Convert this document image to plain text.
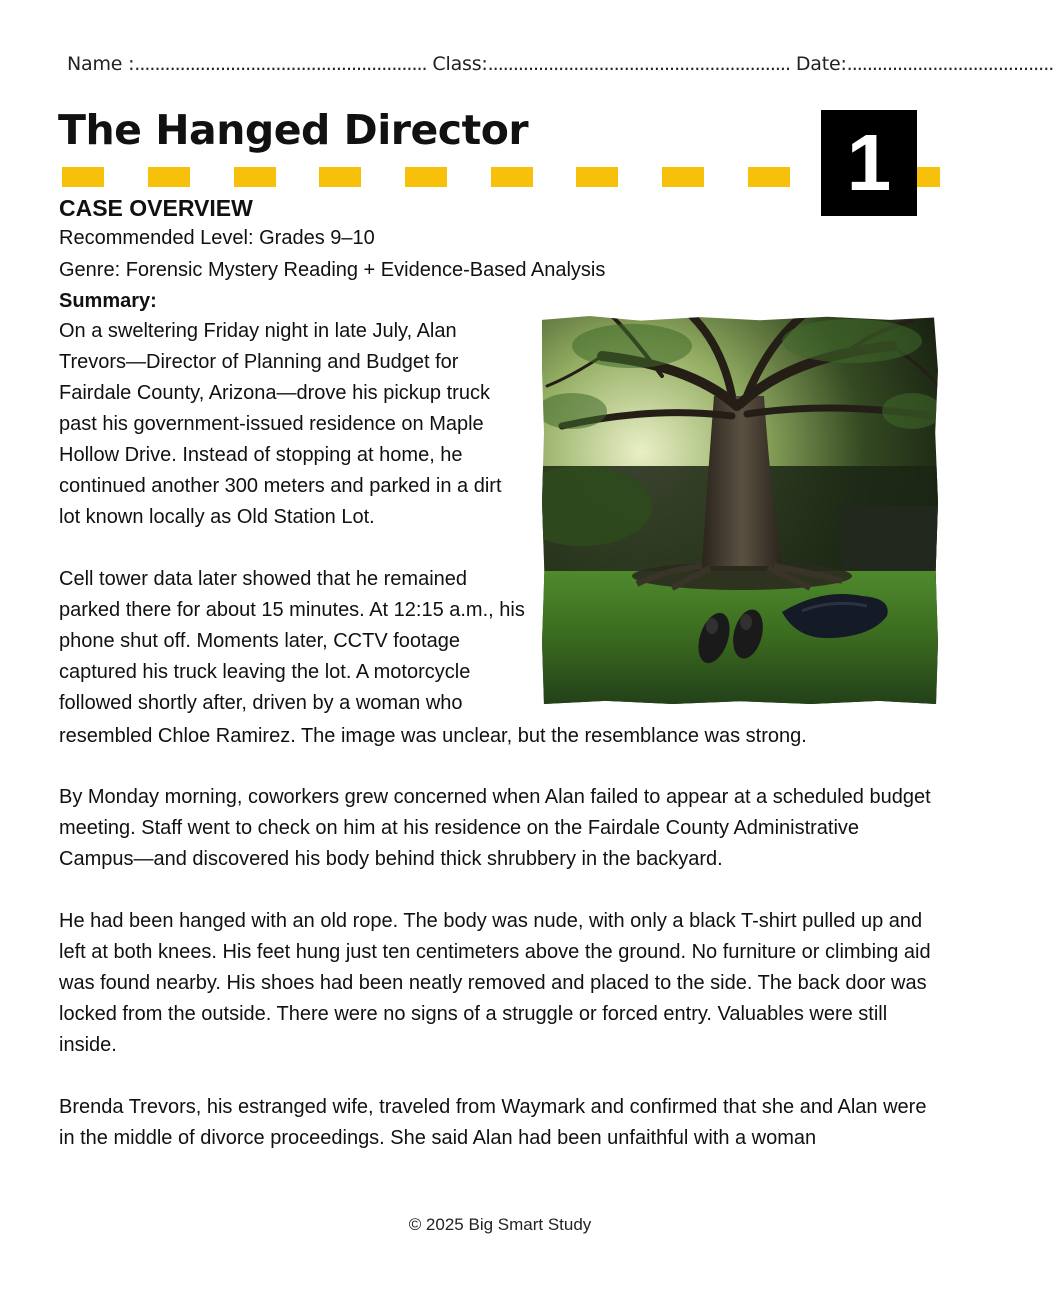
Name :.......................................................... Class:............................................................ Date:.........................................
The Hanged Director	1
CASE OVERVIEW
Recommended Level: Grades 9–10
Genre: Forensic Mystery Reading + Evidence-Based Analysis
Summary:

On a sweltering Friday night in late July, Alan Trevors—Director of Planning and Budget for Fairdale County, Arizona—drove his pickup truck past his government-issued residence on Maple Hollow Drive. Instead of stopping at home, he continued another 300 meters and parked in a dirt lot known locally as Old Station Lot.

Cell tower data later showed that he remained parked there for about 15 minutes. At 12:15 a.m., his phone shut off. Moments later, CCTV footage captured his truck leaving the lot. A motorcycle followed shortly after, driven by a woman who

resembled Chloe Ramirez. The image was unclear, but the resemblance was strong.

By Monday morning, coworkers grew concerned when Alan failed to appear at a scheduled budget meeting. Staff went to check on him at his residence on the Fairdale County Administrative Campus—and discovered his body behind thick shrubbery in the backyard.

He had been hanged with an old rope. The body was nude, with only a black T-shirt pulled up and left at both knees. His feet hung just ten centimeters above the ground. No furniture or climbing aid was found nearby. His shoes had been neatly removed and placed to the side. The back door was locked from the outside. There were no signs of a struggle or forced entry. Valuables were still inside.

Brenda Trevors, his estranged wife, traveled from Waymark and confirmed that she and Alan were in the middle of divorce proceedings. She said Alan had been unfaithful with a woman

© 2025 Big Smart Study
